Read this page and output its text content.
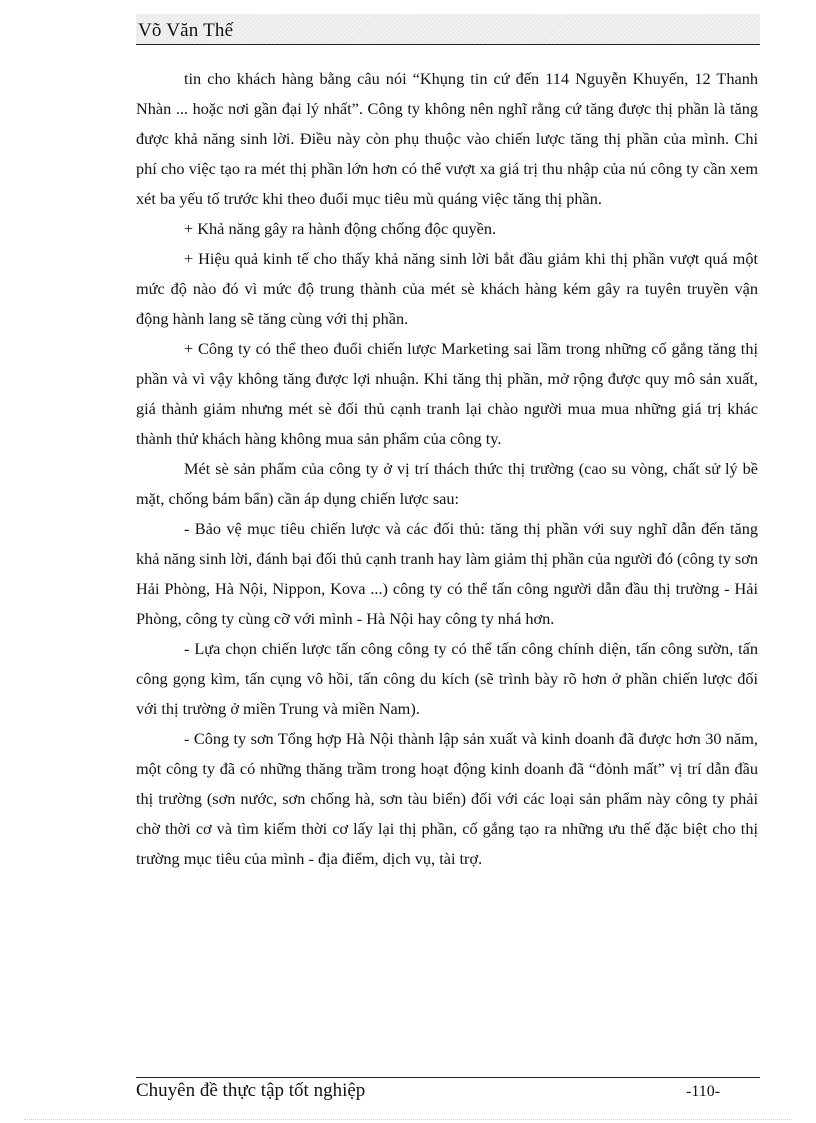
Võ Văn Thế

tin cho khách hàng bằng câu nói “Khụng tin cứ đến 114 Nguyễn Khuyến, 12 Thanh Nhàn ... hoặc nơi gần đại lý nhất”. Công ty không nên nghĩ rằng cứ tăng được thị phần là tăng được khả năng sinh lời. Điều này còn phụ thuộc vào chiến lược tăng thị phần của mình. Chi phí cho việc tạo ra mét thị phần lớn hơn có thể vượt xa giá trị thu nhập của nú công ty cần xem xét ba yếu tố trước khi theo đuổi mục tiêu mù quáng việc tăng thị phần.

+ Khả năng gây ra hành động chống độc quyền.

+ Hiệu quả kinh tế cho thấy khả năng sinh lời bắt đầu giảm khi thị phần vượt quá một mức độ nào đó vì mức độ trung thành của mét sè khách hàng kém gây ra tuyên truyền vận động hành lang sẽ tăng cùng với thị phần.

+ Công ty có thể theo đuổi chiến lược Marketing sai lầm trong những cố gắng tăng thị phần và vì vậy không tăng được lợi nhuận. Khi tăng thị phần, mở rộng được quy mô sản xuất, giá thành giảm nhưng mét sè đối thủ cạnh tranh lại chào người mua mua những giá trị khác thành thử khách hàng không mua sản phẩm của công ty.

Mét sè sản phẩm của công ty ở vị trí thách thức thị trường (cao su vòng, chất sử lý bề mặt, chống bám bẩn) cần áp dụng chiến lược sau:

- Bảo vệ mục tiêu chiến lược và các đối thủ: tăng thị phần với suy nghĩ dẫn đến tăng khả năng sinh lời, đánh bại đối thủ cạnh tranh hay làm giảm thị phần của người đó (công ty sơn Hải Phòng, Hà Nội, Nippon, Kova ...) công ty có thể tấn công người dẫn đầu thị trường - Hải Phòng, công ty cùng cỡ với mình - Hà Nội hay công ty nhá hơn.

- Lựa chọn chiến lược tấn công công ty có thể tấn công chính diện, tấn công sườn, tấn công gọng kìm, tấn cụng vô hồi, tấn công du kích (sẽ trình bày rõ hơn ở phần chiến lược đối với thị trường ở miền Trung và miền Nam).

- Công ty sơn Tổng hợp Hà Nội thành lập sản xuất và kinh doanh đã được hơn 30 năm, một công ty đã có những thăng trầm trong hoạt động kinh doanh đã “đỏnh mất” vị trí dẫn đầu thị trường (sơn nước, sơn chống hà, sơn tàu biển) đối với các loại sản phẩm này công ty phải chờ thời cơ và tìm kiếm thời cơ lấy lại thị phần, cố gắng tạo ra những ưu thế đặc biệt cho thị trường mục tiêu của mình - địa điểm, dịch vụ, tài trợ.

Chuyên đề thực tập tốt nghiệp	-110-
